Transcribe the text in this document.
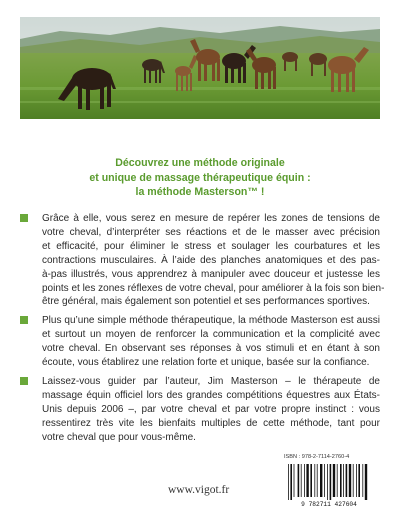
Découvrez une méthode originale
et unique de massage thérapeutique équin :
la méthode Masterson™ !
Grâce à elle, vous serez en mesure de repérer les zones de tensions de
votre cheval, d’interpréter ses réactions et de le masser avec précision
et efficacité, pour éliminer le stress et soulager les courbatures et les
contractions musculaires. À l’aide des planches anatomiques et des pas-
à-pas illustrés, vous apprendrez à manipuler avec douceur et justesse les
points et les zones réflexes de votre cheval, pour améliorer à la fois son bien-
être général, mais également son potentiel et ses performances sportives.
Plus qu’une simple méthode thérapeutique, la méthode Masterson est aussi
et surtout un moyen de renforcer la communication et la complicité avec
votre cheval. En observant ses réponses à vos stimuli et en étant à son
écoute, vous établirez une relation forte et unique, basée sur la confiance.
Laissez-vous guider par l’auteur, Jim Masterson – le thérapeute de
massage équin officiel lors des grandes compétitions équestres aux États-
Unis depuis 2006 –, par votre cheval et par votre propre instinct : vous
ressentirez très vite les bienfaits multiples de cette méthode, tant pour
votre cheval que pour vous-même.
www.vigot.fr
ISBN : 978-2-7114-2760-4
9 782711 427604
